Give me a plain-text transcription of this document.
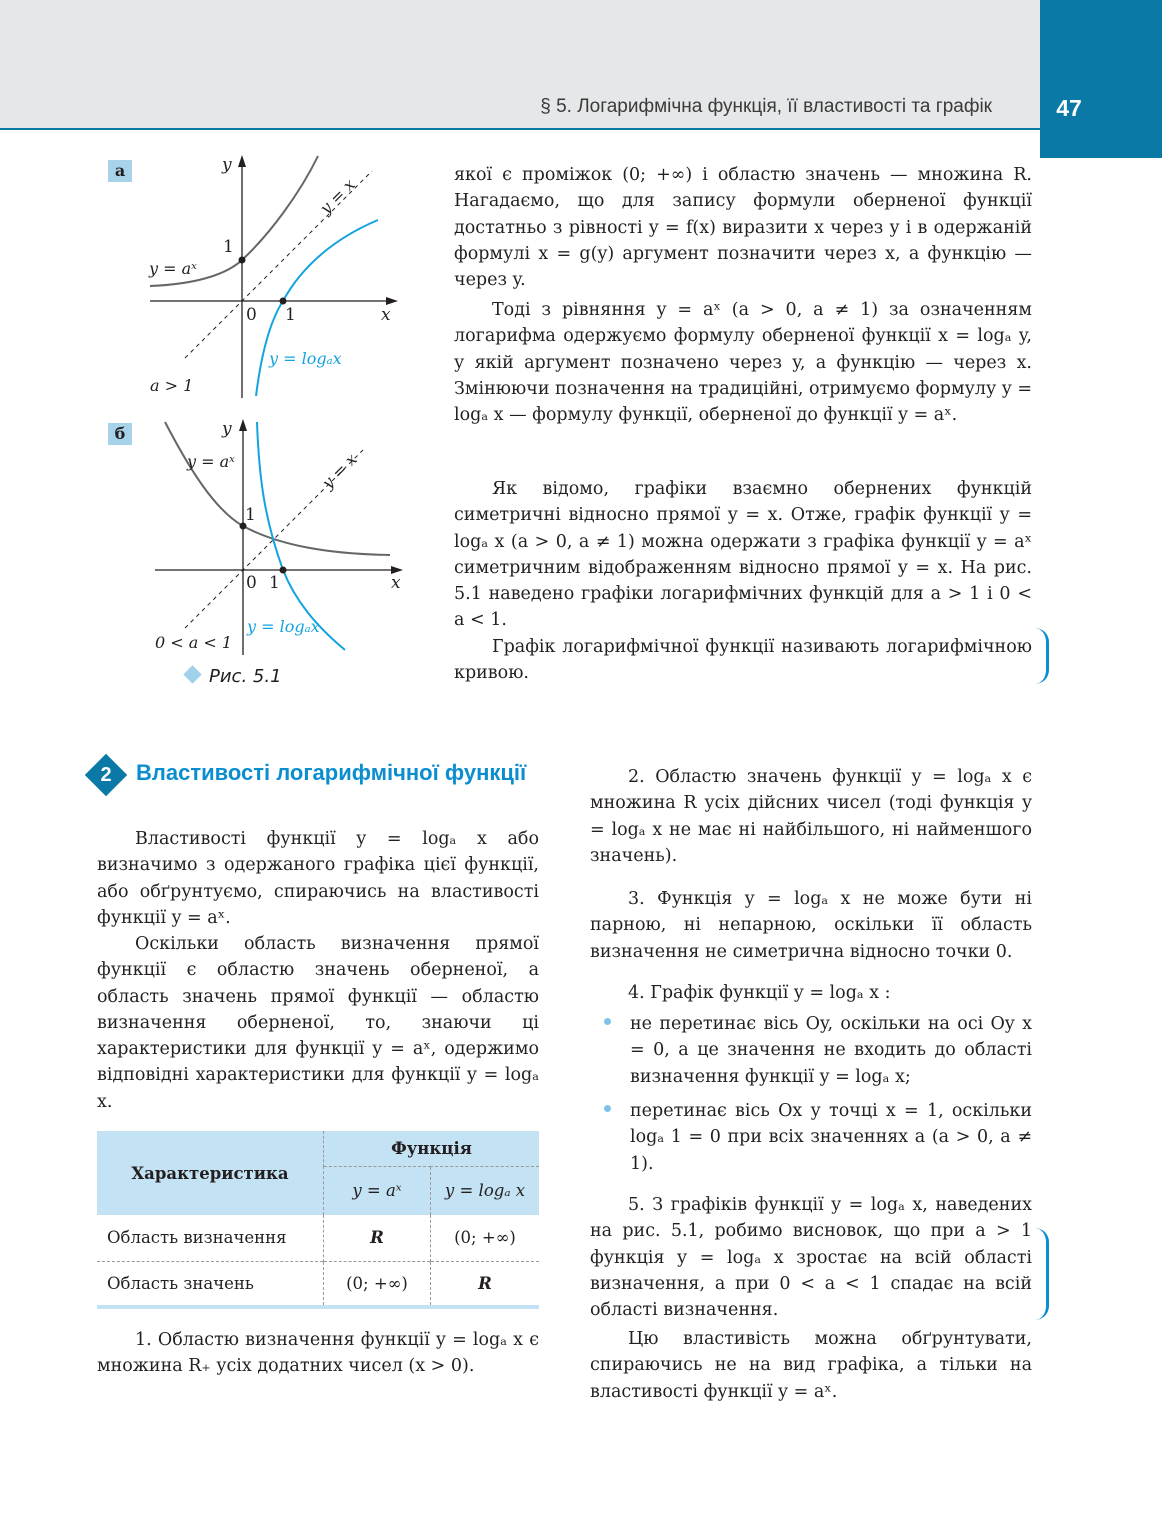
47
§ 5. Логарифмічна функція, її властивості та графік
а	y
x
1
0 1
y = aˣ
y = x
y = logₐx
a > 1
б	y
x
1
0 1
y = aˣ	y = x
y = logₐx
0 < a < 1
Рис. 5.1

якої є проміжок (0; +∞) і областю значень — множина R. Нагадаємо, що для запису формули оберненої функції достатньо з рівності y = f(x) виразити x через y і в одержаній формулі x = g(y) аргумент позначити через x, а функцію — через y.

Тоді з рівняння y = aˣ (a > 0, a ≠ 1) за означенням логарифма одержуємо формулу оберненої функції x = logₐ y, у якій аргумент позначено через y, а функцію — через x. Змінюючи позначення на традиційні, отримуємо формулу y = logₐ x — формулу функції, оберненої до функції y = aˣ.

Як відомо, графіки взаємно обернених функцій симетричні відносно прямої y = x. Отже, графік функції y = logₐ x (a > 0, a ≠ 1) можна одержати з графіка функції y = aˣ симетричним відображенням відносно прямої y = x. На рис. 5.1 наведено графіки логарифмічних функцій для a > 1 і 0 < a < 1.

Графік логарифмічної функції називають логарифмічною кривою.

2	Властивості логарифмічної функції

Властивості функції y = logₐ x або визначимо з одержаного графіка цієї функції, або обґрунтуємо, спираючись на властивості функції y = aˣ.

Оскільки область визначення прямої функції є областю значень оберненої, а область значень прямої функції — областю визначення оберненої, то, знаючи ці характеристики для функції y = aˣ, одержимо відповідні характеристики для функції y = logₐ x.

Характеристика	Функція	
	y = aˣ	y = logₐ x
Область визначення	R	(0; +∞)
Область значень	(0; +∞)	R

1. Областю визначення функції y = logₐ x є множина R₊ усіх додатних чисел (x > 0).

2. Областю значень функції y = logₐ x є множина R усіх дійсних чисел (тоді функція y = logₐ x не має ні найбільшого, ні найменшого значень).

3. Функція y = logₐ x не може бути ні парною, ні непарною, оскільки її область визначення не симетрична відносно точки 0.

4. Графік функції y = logₐ x :

не перетинає вісь Oy, оскільки на осі Oy x = 0, а це значення не входить до області визначення функції y = logₐ x;

перетинає вісь Ox у точці x = 1, оскільки logₐ 1 = 0 при всіх значеннях a (a > 0, a ≠ 1).

5. З графіків функції y = logₐ x, наведених на рис. 5.1, робимо висновок, що при a > 1 функція y = logₐ x зростає на всій області визначення, а при 0 < a < 1 спадає на всій області визначення.

Цю властивість можна обґрунтувати, спираючись не на вид графіка, а тільки на властивості функції y = aˣ.
